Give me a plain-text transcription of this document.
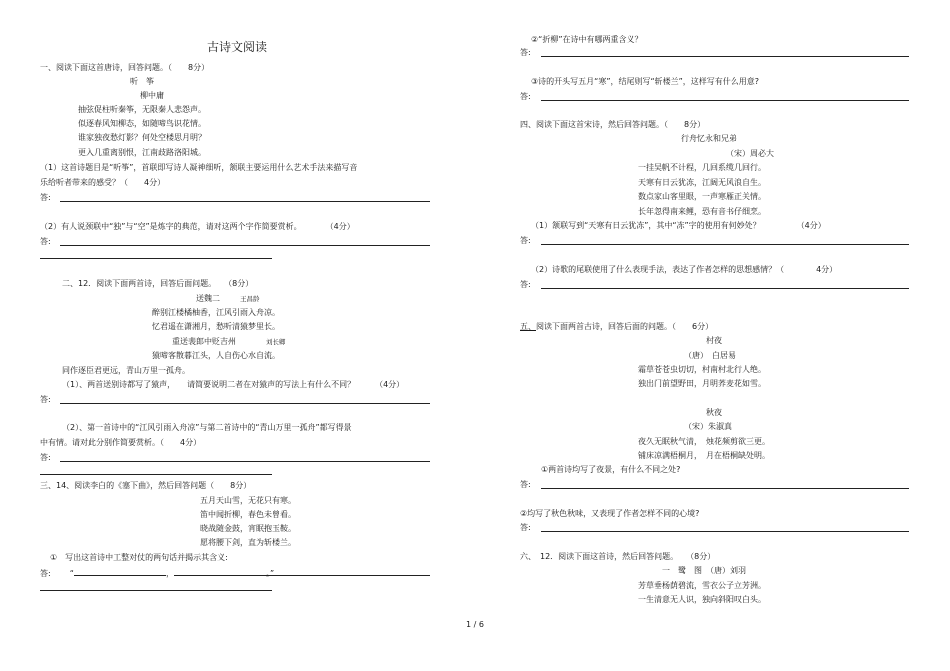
古诗文阅读
一、阅读下面这首唐诗，回答问题。（　　8分）
听　筝
柳中庸
抽弦促柱听秦筝，无限秦人悲怨声。
似逐春风知柳态，如随啼鸟识花情。
谁家独夜愁灯影？何处空楼思月明？
更入几重离别恨，江南歧路洛阳城。
（1）这首诗题目是“听筝”，首联即写诗人凝神细听，颔联主要运用什么艺术手法来描写音
乐给听者带来的感受？（　　4分）
答:
（2）有人说颈联中“独”与“空”是炼字的典范，请对这两个字作简要赏析。　　　　（4分）
答:
二、12．阅读下面两首诗，回答后面问题。　　（8分）
送魏二	王昌龄
醉别江楼橘柚香，江风引雨入舟凉。
忆君遥在潇湘月，愁听清猿梦里长。
重送裴郎中贬吉州	刘长卿
猿啼客散暮江头，人自伤心水自流。
同作逐臣君更远，青山万里一孤舟。
（1）、两首送别诗都写了猿声，　　请简要说明二者在对猿声的写法上有什么不同？　　　（4分）
答:
（2）、第一首诗中的“江风引雨入舟凉”与第二首诗中的“青山万里一孤舟”都写得景
中有情。请对此分别作简要赏析。（　　4分）
答:
三、14、阅读李白的《塞下曲》，然后回答问题（　　8分）
五月天山雪，无花只有寒。
笛中闻折柳，春色未曾看。
晓战随金鼓，宵眠抱玉鞍。
愿将腰下剑，直为斩楼兰。
①　写出这首诗中工整对仗的两句话并揭示其含义:
答: “	，	。”
②“折柳”在诗中有哪两重含义？
答:
③诗的开头写五月“寒”，结尾则写“斩楼兰”，这样写有什么用意?
答:
四、阅读下面这首宋诗，然后回答问题。（　　8分）
行舟忆永和兄弟
（宋）周必大
一挂吴帆不计程，几回系缆几回行。
天寒有日云犹冻，江阔无风浪自生。
数点家山客里眼，一声寒雁正关情。
长年忽得南来鲤，恐有音书仔细烹。
（1）颔联写到“天寒有日云犹冻”，其中“冻”字的使用有何妙处？　　　　　（4分）
答:
（2）诗歌的尾联使用了什么表现手法，表达了作者怎样的思想感情？（　　　　4分）
答:
五、阅读下面两首古诗，回答后面的问题。（　　6分）
村夜
（唐）　白居易
霜草苍苍虫切切，村南村北行人绝。
独出门前望野田，月明荞麦花如雪。
秋夜
（宋）朱淑真
夜久无眠秋气清，　烛花频剪欲三更。
铺床凉满梧桐月，　月在梧桐缺处明。
①两首诗均写了夜景，有什么不同之处?
答:
②均写了秋色秋味，又表现了作者怎样不同的心境?
答:
六、　12．阅读下面这首诗，然后回答问题。　　（8分）
一　鹭　图　（唐）刘羽
芳草垂杨荫碧流，雪衣公子立芳洲。
一生清意无人识，独向斜阳叹白头。
1 / 6
